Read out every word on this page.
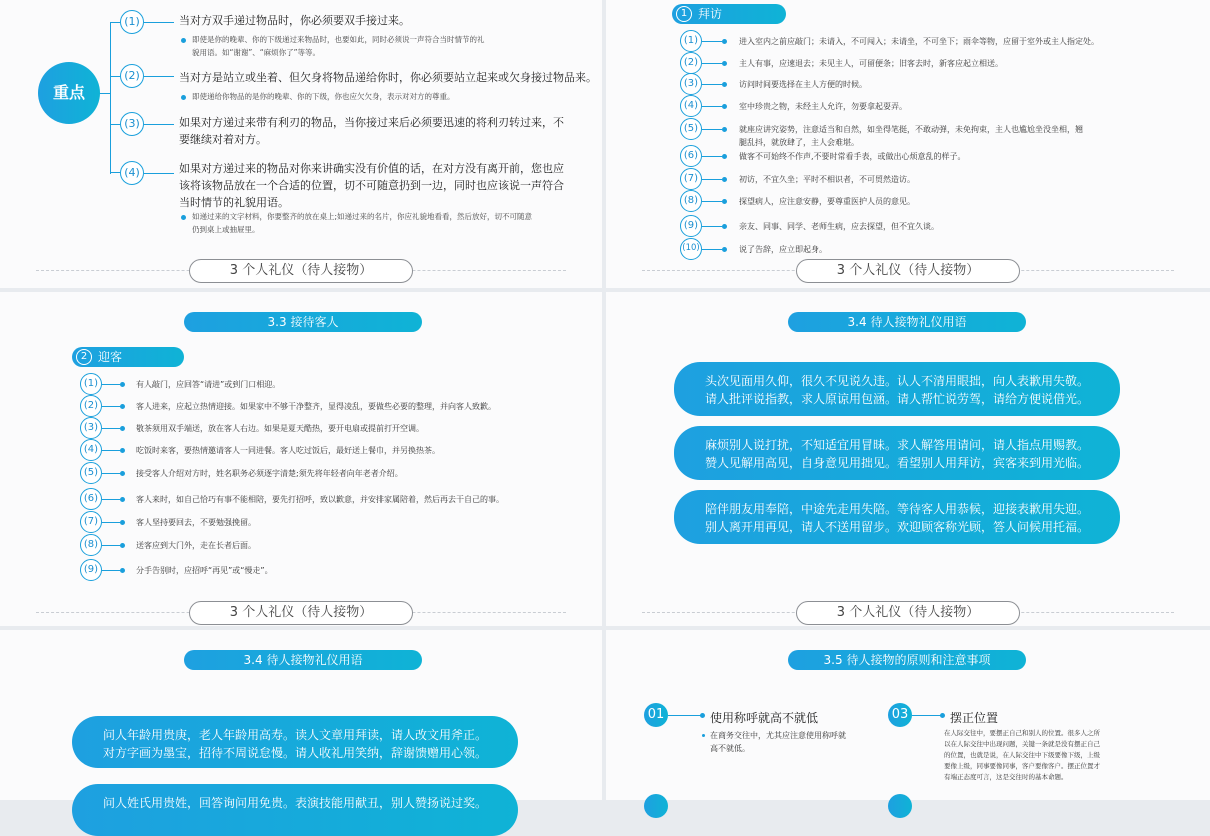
重点
(1)	当对方双手递过物品时，你必须要双手接过来。
即使是你的晚辈、你的下级递过来物品时，也要如此，同时必须说一声符合当时情节的礼
貌用语。如“谢谢”、“麻烦你了”等等。
(2)	当对方是站立或坐着、但欠身将物品递给你时，你必须要站立起来或欠身接过物品来。
即使递给你物品的是你的晚辈、你的下级，你也应欠欠身，表示对对方的尊重。
(3)	如果对方递过来带有利刃的物品，当你接过来后必须要迅速的将利刃转过来，不要继续对着对方。
(4)	如果对方递过来的物品对你来讲确实没有价值的话，在对方没有离开前，您也应该将该物品放在一个合适的位置，切不可随意扔到一边，同时也应该说一声符合当时情节的礼貌用语。
如递过来的文字材料，你要整齐的放在桌上;如递过来的名片，你应礼貌地看看，然后放好，切不可随意
仍到桌上或抽屉里。
3 个人礼仪（待人接物）
1 拜访
(1)	进入室内之前应敲门；未请入，不可闯入；未请坐，不可坐下；雨伞等物，应留于室外或主人指定处。
(2)	主人有事，应速退去；未见主人，可留便条；旧客去时，新客应起立相送。
(3)	访问时间要选择在主人方便的时候。
(4)	室中珍贵之物，未经主人允许，勿要拿起耍弄。
(5)	就座应讲究姿势，注意适当和自然，如坐得笔挺，不敢动弹，未免拘束，主人也尴尬坐没坐相，翘
腿乱抖，就放肆了，主人会难堪。
(6)	做客不可始终不作声,不要时常看手表，或做出心烦意乱的样子。
(7)	初访，不宜久坐；平时不相识者，不可贸然造访。
(8)	探望病人，应注意安静，要尊重医护人员的意见。
(9)	亲友、同事、同学、老师生病，应去探望，但不宜久谈。
(10)	说了告辞，应立即起身。
3 个人礼仪（待人接物）
3.3 接待客人
2 迎客
(1)	有人敲门，应回答“请进”或到门口相迎。
(2)	客人进来，应起立热情迎接。如果家中不够干净整齐，显得凌乱，要做些必要的整理，并向客人致歉。
(3)	敬茶须用双手端送，放在客人右边。如果是夏天酷热，要开电扇或提前打开空调。
(4)	吃饭时来客，要热情邀请客人一同进餐。客人吃过饭后，最好送上餐巾，并另换热茶。
(5)	接受客人介绍对方时，姓名职务必须逐字清楚;须先将年轻者向年老者介绍。
(6)	客人来时，如自己恰巧有事不能相陪，要先打招呼，致以歉意，并安排家属陪着，然后再去干自己的事。
(7)	客人坚持要回去，不要勉强挽留。
(8)	送客应到大门外，走在长者后面。
(9)	分手告别时，应招呼“再见”或“慢走”。
3 个人礼仪（待人接物）
3.4 待人接物礼仪用语
头次见面用久仰，很久不见说久违。认人不清用眼拙，向人表歉用失敬。
请人批评说指教，求人原谅用包涵。请人帮忙说劳驾，请给方便说借光。
麻烦别人说打扰，不知适宜用冒昧。求人解答用请问，请人指点用赐教。
赞人见解用高见，自身意见用拙见。看望别人用拜访，宾客来到用光临。
陪伴朋友用奉陪，中途先走用失陪。等待客人用恭候，迎接表歉用失迎。
别人离开用再见，请人不送用留步。欢迎顾客称光顾，答人问候用托福。
3 个人礼仪（待人接物）
3.4 待人接物礼仪用语
问人年龄用贵庚，老人年龄用高寿。读人文章用拜读，请人改文用斧正。
对方字画为墨宝，招待不周说怠慢。请人收礼用笑纳，辞谢馈赠用心领。
问人姓氏用贵姓，回答询问用免贵。表演技能用献丑，别人赞扬说过奖。
3.5 待人接物的原则和注意事项
01	使用称呼就高不就低
在商务交往中，尤其应注意使用称呼就
高不就低。
03	摆正位置
在人际交往中，要摆正自己和别人的位置。很多人之所
以在人际交往中出现问题，关键一条就是没有摆正自己
的位置，也就是说，在人际交往中下级要像下级，上级
要像上级，同事要像同事，客户要像客户。摆正位置才
有端正态度可言，这是交往时的基本命题。
